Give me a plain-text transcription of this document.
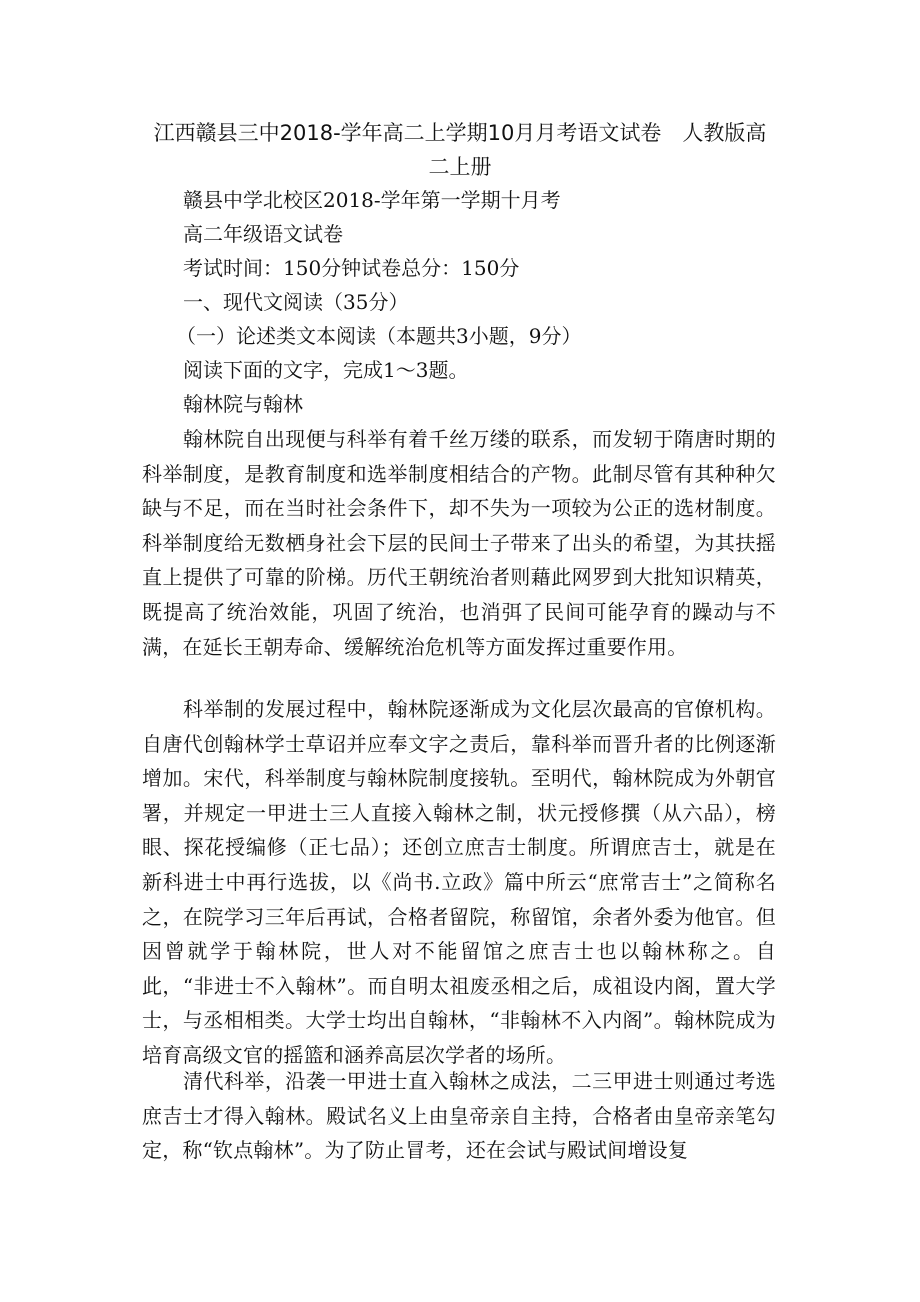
江西赣县三中2018-学年高二上学期10月月考语文试卷　人教版高二上册

赣县中学北校区2018-学年第一学期十月考

高二年级语文试卷

考试时间：150分钟试卷总分：150分

一、现代文阅读（35分）

（一）论述类文本阅读（本题共3小题，9分）

阅读下面的文字，完成1～3题。

翰林院与翰林

翰林院自出现便与科举有着千丝万缕的联系，而发轫于隋唐时期的科举制度，是教育制度和选举制度相结合的产物。此制尽管有其种种欠缺与不足，而在当时社会条件下，却不失为一项较为公正的选材制度。科举制度给无数栖身社会下层的民间士子带来了出头的希望，为其扶摇直上提供了可靠的阶梯。历代王朝统治者则藉此网罗到大批知识精英，既提高了统治效能，巩固了统治，也消弭了民间可能孕育的躁动与不满，在延长王朝寿命、缓解统治危机等方面发挥过重要作用。

科举制的发展过程中，翰林院逐渐成为文化层次最高的官僚机构。自唐代创翰林学士草诏并应奉文字之责后，靠科举而晋升者的比例逐渐增加。宋代，科举制度与翰林院制度接轨。至明代，翰林院成为外朝官署，并规定一甲进士三人直接入翰林之制，状元授修撰（从六品），榜眼、探花授编修（正七品）；还创立庶吉士制度。所谓庶吉士，就是在新科进士中再行选拔，以《尚书.立政》篇中所云“庶常吉士”之简称名之，在院学习三年后再试，合格者留院，称留馆，余者外委为他官。但因曾就学于翰林院，世人对不能留馆之庶吉士也以翰林称之。自此，“非进士不入翰林”。而自明太祖废丞相之后，成祖设内阁，置大学士，与丞相相类。大学士均出自翰林，“非翰林不入内阁”。翰林院成为培育高级文官的摇篮和涵养高层次学者的场所。

清代科举，沿袭一甲进士直入翰林之成法，二三甲进士则通过考选庶吉士才得入翰林。殿试名义上由皇帝亲自主持，合格者由皇帝亲笔勾定，称“钦点翰林”。为了防止冒考，还在会试与殿试间增设复
